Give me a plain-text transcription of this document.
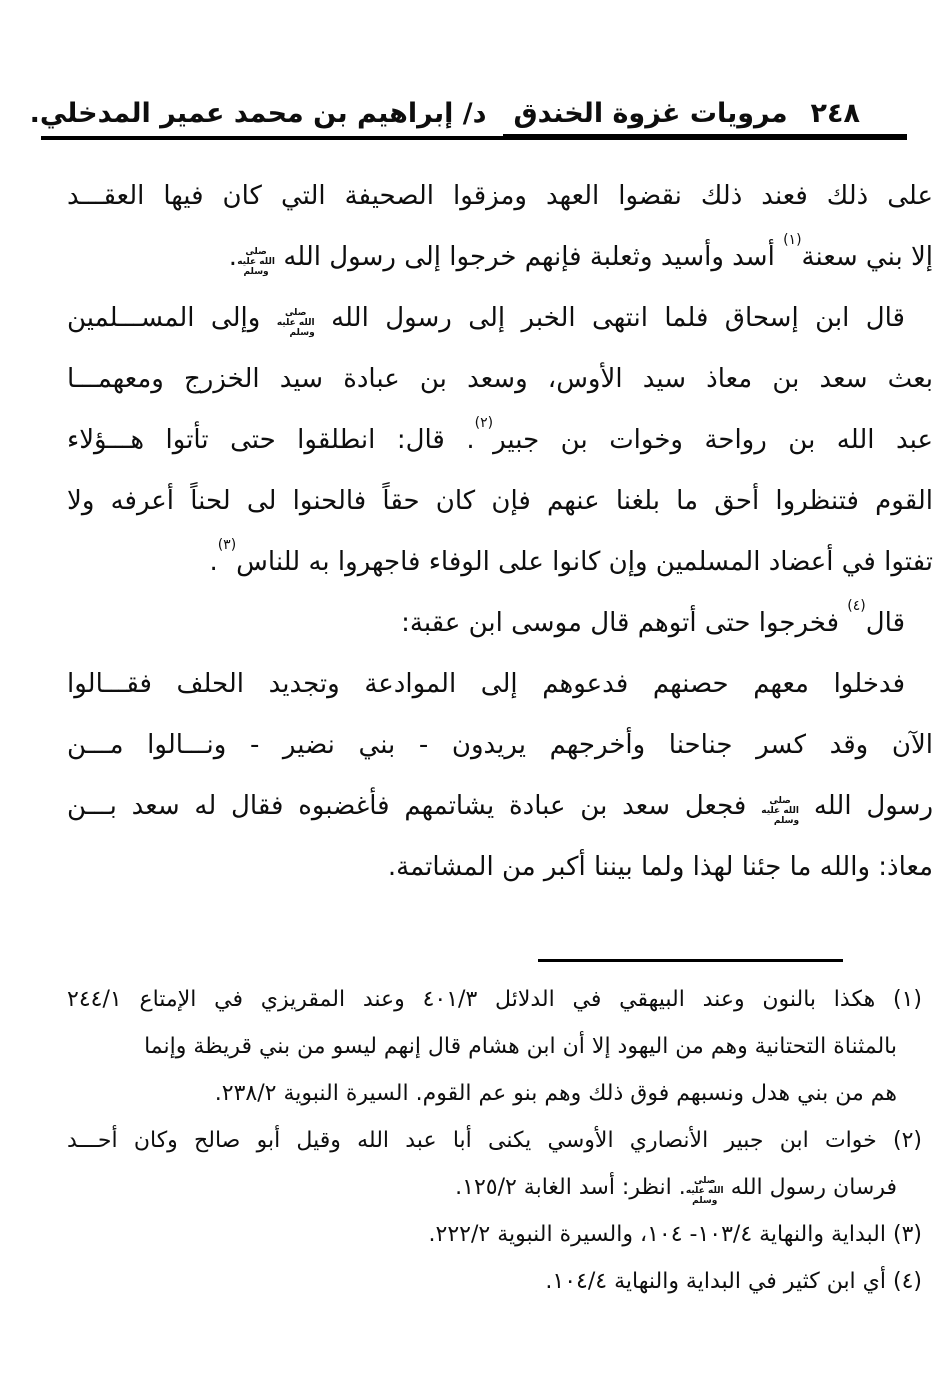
٢٤٨
مرويات غزوة الخندق
د/ إبراهيم بن محمد عمير المدخلي.
على ذلك فعند ذلك نقضوا العهد ومزقوا الصحيفة التي كان فيها العقـــد
إلا بني سعنة$^{(١)}$ أسد وأسيد وثعلبة فإنهم خرجوا إلى رسول الله صلى الله عليه وسلم.
قال ابن إسحاق فلما انتهى الخبر إلى رسول الله صلى الله عليه وسلم وإلى المســـلمين
بعث سعد بن معاذ سيد الأوس، وسعد بن عبادة سيد الخزرج ومعهمـــا
عبد الله بن رواحة وخوات بن جبير$^{(٢)}$. قال: انطلقوا حتى تأتوا هـــؤلاء
القوم فتنظروا أحق ما بلغنا عنهم فإن كان حقاً فالحنوا لى لحناً أعرفه ولا
تفتوا في أعضاد المسلمين وإن كانوا على الوفاء فاجهروا به للناس$^{(٣)}$.
قال$^{(٤)}$ فخرجوا حتى أتوهم قال موسى ابن عقبة:
فدخلوا معهم حصنهم فدعوهم إلى الموادعة وتجديد الحلف فقـــالوا
الآن وقد كسر جناحنا وأخرجهم يريدون - بني نضير - ونـــالوا مـــن
رسول الله صلى الله عليه وسلم فجعل سعد بن عبادة يشاتمهم فأغضبوه فقال له سعد بـــن
معاذ: والله ما جئنا لهذا ولما بيننا أكبر من المشاتمة.
(١) هكذا بالنون وعند البيهقي في الدلائل ٤٠١/٣ وعند المقريزي في الإمتاع ٢٤٤/١
بالمثناة التحتانية وهم من اليهود إلا أن ابن هشام قال إنهم ليسو من بني قريظة وإنما
هم من بني هدل ونسبهم فوق ذلك وهم بنو عم القوم. السيرة النبوية ٢٣٨/٢.
(٢) خوات ابن جبير الأنصاري الأوسي يكنى أبا عبد الله وقيل أبو صالح وكان أحـــد
فرسان رسول الله صلى الله عليه وسلم. انظر: أسد الغابة ١٢٥/٢.
(٣) البداية والنهاية ١٠٣/٤- ١٠٤، والسيرة النبوية ٢٢٢/٢.
(٤) أي ابن كثير في البداية والنهاية ١٠٤/٤.
